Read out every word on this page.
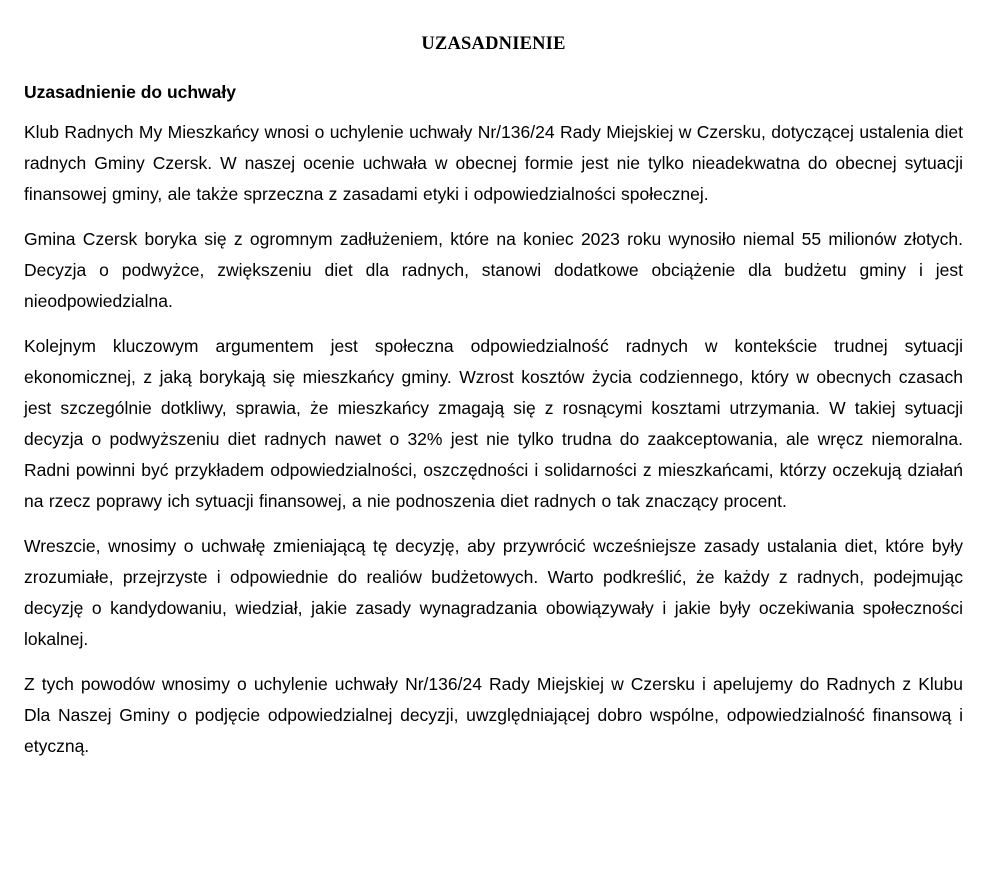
UZASADNIENIE
Uzasadnienie do uchwały

Klub Radnych My Mieszkańcy wnosi o uchylenie uchwały Nr/136/24 Rady Miejskiej w Czersku, dotyczącej ustalenia diet radnych Gminy Czersk. W naszej ocenie uchwała w obecnej formie jest nie tylko nieadekwatna do obecnej sytuacji finansowej gminy, ale także sprzeczna z zasadami etyki i odpowiedzialności społecznej.

Gmina Czersk boryka się z ogromnym zadłużeniem, które na koniec 2023 roku wynosiło niemal 55 milionów złotych. Decyzja o podwyżce, zwiększeniu diet dla radnych, stanowi dodatkowe obciążenie dla budżetu gminy i jest nieodpowiedzialna.

Kolejnym kluczowym argumentem jest społeczna odpowiedzialność radnych w kontekście trudnej sytuacji ekonomicznej, z jaką borykają się mieszkańcy gminy. Wzrost kosztów życia codziennego, który w obecnych czasach jest szczególnie dotkliwy, sprawia, że mieszkańcy zmagają się z rosnącymi kosztami utrzymania. W takiej sytuacji decyzja o podwyższeniu diet radnych nawet o 32% jest nie tylko trudna do zaakceptowania, ale wręcz niemoralna. Radni powinni być przykładem odpowiedzialności, oszczędności i solidarności z mieszkańcami, którzy oczekują działań na rzecz poprawy ich sytuacji finansowej, a nie podnoszenia diet radnych o tak znaczący procent.

Wreszcie, wnosimy o uchwałę zmieniającą tę decyzję, aby przywrócić wcześniejsze zasady ustalania diet, które były zrozumiałe, przejrzyste i odpowiednie do realiów budżetowych. Warto podkreślić, że każdy z radnych, podejmując decyzję o kandydowaniu, wiedział, jakie zasady wynagradzania obowiązywały i jakie były oczekiwania społeczności lokalnej.

Z tych powodów wnosimy o uchylenie uchwały Nr/136/24 Rady Miejskiej w Czersku i apelujemy do Radnych z Klubu Dla Naszej Gminy o podjęcie odpowiedzialnej decyzji, uwzględniającej dobro wspólne, odpowiedzialność finansową i etyczną.
